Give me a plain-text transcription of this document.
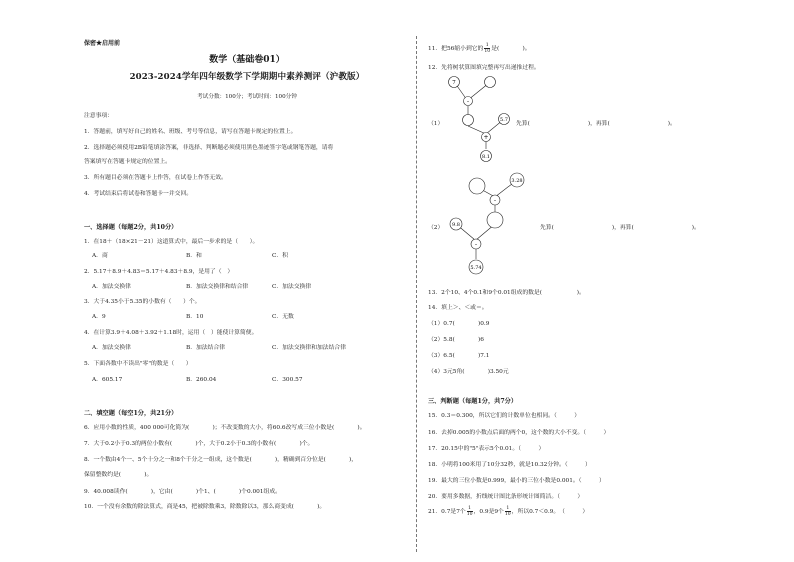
保密★启用前
数学（基础卷01）
2023-2024学年四年级数学下学期期中素养测评（沪教版）
考试分数：100分；考试时间：100分钟
注意事项：
1．答题前，填写好自己的姓名、班级、考号等信息，请写在答题卡规定的位置上。
2．选择题必须使用2B铅笔填涂答案，非选择、判断题必须使用黑色墨迹签字笔或钢笔答题，请将
答案填写在答题卡规定的位置上。
3．所有题目必须在答题卡上作答，在试卷上作答无效。
4．考试结束后将试卷和答题卡一并交回。
一、选择题（每题2分，共10分）
1．在18＋（18×21－21）这道算式中，最后一步求的是（　　）。
A．商	B．和	C．积
2．5.17＋8.9＋4.83＝5.17＋4.83＋8.9，是用了（　）
A．加法交换律	B．加法交换律和结合律	C．加法交换律
3．大于4.35小于5.35的小数有（　　）个。
A．9	B．10	C．无数
4．在计算3.9＋4.08＋3.92＋1.18时，运用（　）能使计算简便。
A．加法交换律	B．加法结合律	C．加法交换律和加法结合律
5．下面各数中不读出"零"的数是（　　）
A．605.17	B．260.04	C．300.57
二、填空题（每空1分，共21分）
6．应用小数的性质，400 000可化简为(　　　　)；不改变数的大小，将60.6改写成三位小数是(　　　　)。
7．大于0.2小于0.3的两位小数有(　　　　)个，大于0.2小于0.3的小数有(　　　　)个。
8．一个数由4个一、5个十分之一和8个千分之一组成，这个数是(　　　　)，精确到百分位是(　　　　)，
保留整数约是(　　　　)。
9．40.008读作(　　　　)，它由(　　　　)个1、(　　　　)个0.001组成。
10．一个没有余数的除法算式，商是45，把被除数乘3，除数除以3，那么商变成(　　　　)。
11．把56缩小到它的 $\frac{1}{10}$ 是(　　　　)。
12．先将树状算图填完整再写出递推过程。
7
-
5.7
+
8.1
（1）	先算(　　　　　　　　　　)，再算(　　　　　　　　　　)。
3.28
-
9.8
-
5.74
（2）	先算(　　　　　　　　　　)，再算(　　　　　　　　　　)。
13．2个10、4个0.1和9个0.01组成的数是(　　　　　　)。
14．填上＞、＜或＝。
（1）0.7(　　　　)0.9
（2）5.8(　　　　)6
（3）6.5(　　　　)7.1
（4）3元5角(　　　　)3.50元
三、判断题（每题1分，共7分）
15．0.3＝0.300，所以它们的计数单位也相同。（　　　）
16．去掉0.005的小数点后面的两个0，这个数的大小不变。（　　　）
17．20.15中的"5"表示5个0.01。（　　　）
18．小明将100米用了10分32秒，就是10.32分钟。（　　　）
19．最大的三位小数是0.999，最小的三位小数是0.001。（　　　）
20．要用多数据，折线统计图比条形统计图简洁。（　　　）
21．0.7是7个 $\frac{1}{10}$ ，0.9是9个 $\frac{1}{10}$ ，所以0.7＜0.9。　（　　　）
